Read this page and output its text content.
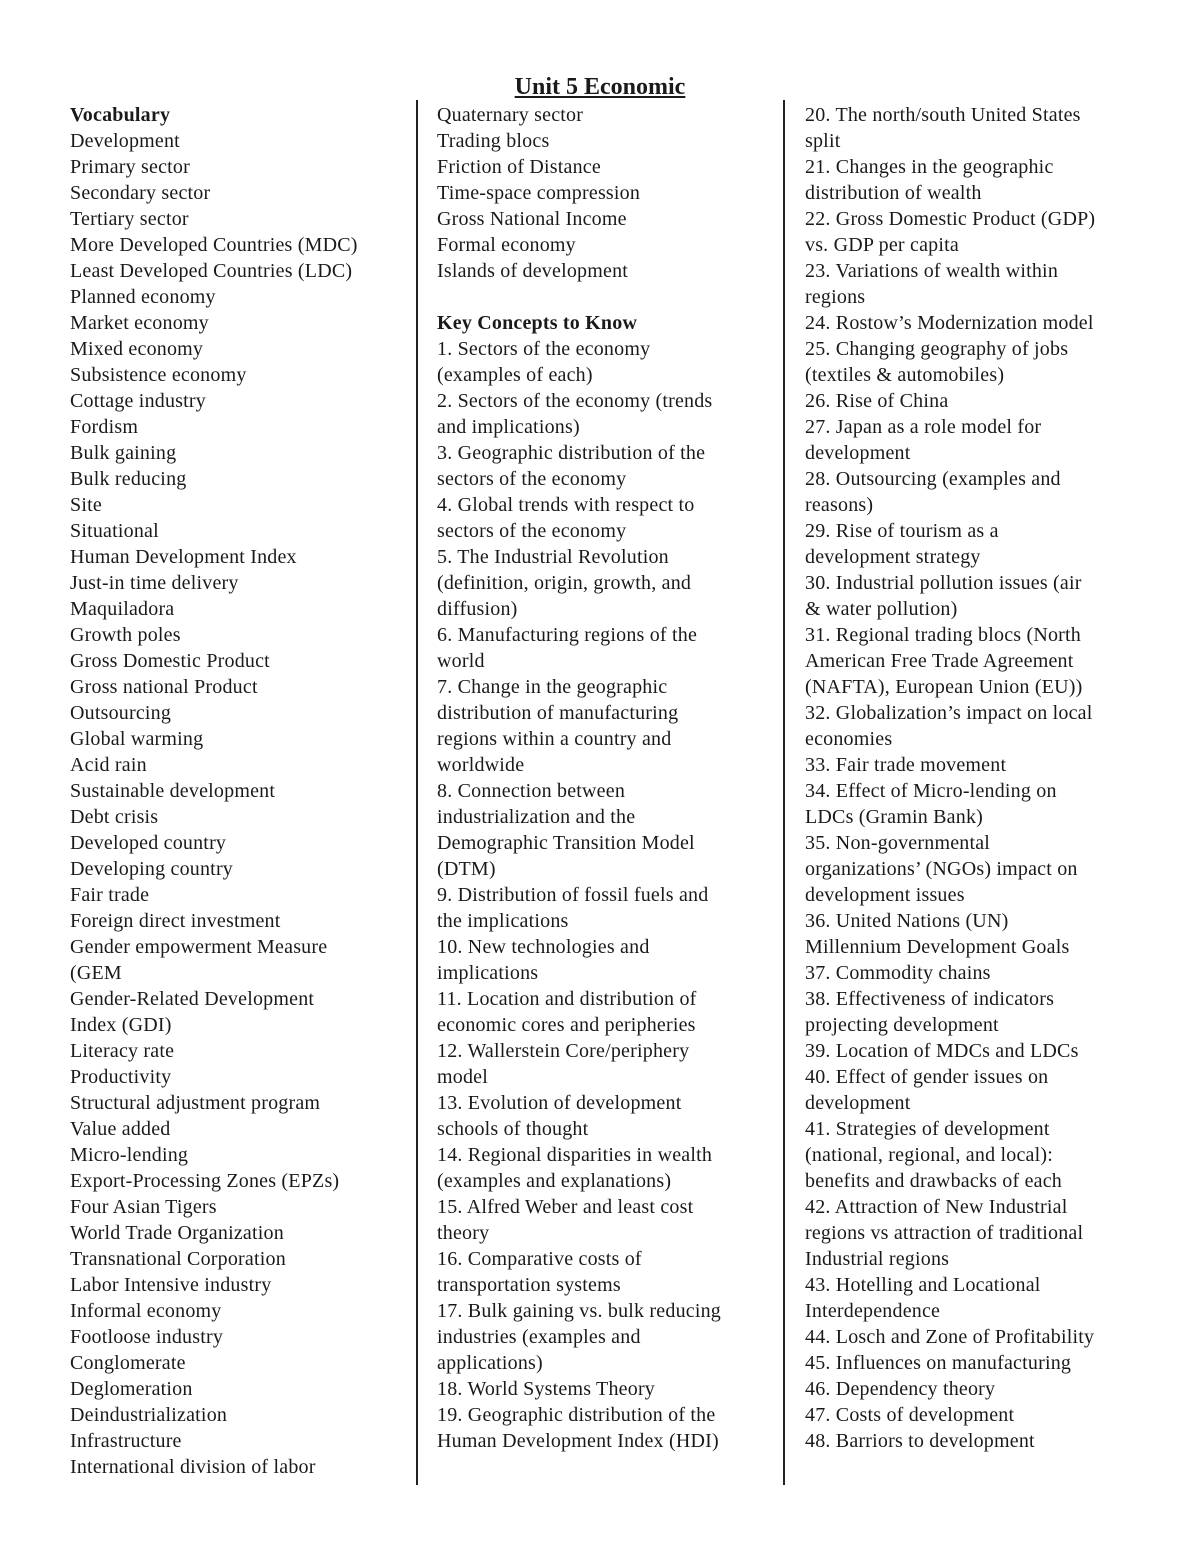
Unit 5 Economic
Vocabulary
Development
Primary sector
Secondary sector
Tertiary sector
More Developed Countries (MDC)
Least Developed Countries (LDC)
Planned economy
Market economy
Mixed economy
Subsistence economy
Cottage industry
Fordism
Bulk gaining
Bulk reducing
Site
Situational
Human Development Index
Just-in time delivery
Maquiladora
Growth poles
Gross Domestic Product
Gross national Product
Outsourcing
Global warming
Acid rain
Sustainable development
Debt crisis
Developed country
Developing country
Fair trade
Foreign direct investment
Gender empowerment Measure
(GEM
Gender-Related Development
Index (GDI)
Literacy rate
Productivity
Structural adjustment program
Value added
Micro-lending
Export-Processing Zones (EPZs)
Four Asian Tigers
World Trade Organization
Transnational Corporation
Labor Intensive industry
Informal economy
Footloose industry
Conglomerate
Deglomeration
Deindustrialization
Infrastructure
International division of labor
Quaternary sector
Trading blocs
Friction of Distance
Time-space compression
Gross National Income
Formal economy
Islands of development
Key Concepts to Know
1. Sectors of the economy
(examples of each)
2. Sectors of the economy (trends
and implications)
3. Geographic distribution of the
sectors of the economy
4. Global trends with respect to
sectors of the economy
5. The Industrial Revolution
(definition, origin, growth, and
diffusion)
6. Manufacturing regions of the
world
7. Change in the geographic
distribution of manufacturing
regions within a country and
worldwide
8. Connection between
industrialization and the
Demographic Transition Model
(DTM)
9. Distribution of fossil fuels and
the implications
10. New technologies and
implications
11. Location and distribution of
economic cores and peripheries
12. Wallerstein Core/periphery
model
13. Evolution of development
schools of thought
14. Regional disparities in wealth
(examples and explanations)
15. Alfred Weber and least cost
theory
16. Comparative costs of
transportation systems
17. Bulk gaining vs. bulk reducing
industries (examples and
applications)
18. World Systems Theory
19. Geographic distribution of the
Human Development Index (HDI)
20. The north/south United States
split
21. Changes in the geographic
distribution of wealth
22. Gross Domestic Product (GDP)
vs. GDP per capita
23. Variations of wealth within
regions
24. Rostow’s Modernization model
25. Changing geography of jobs
(textiles & automobiles)
26. Rise of China
27. Japan as a role model for
development
28. Outsourcing (examples and
reasons)
29. Rise of tourism as a
development strategy
30. Industrial pollution issues (air
& water pollution)
31. Regional trading blocs (North
American Free Trade Agreement
(NAFTA), European Union (EU))
32. Globalization’s impact on local
economies
33. Fair trade movement
34. Effect of Micro-lending on
LDCs (Gramin Bank)
35. Non-governmental
organizations’ (NGOs) impact on
development issues
36. United Nations (UN)
Millennium Development Goals
37. Commodity chains
38. Effectiveness of indicators
projecting development
39. Location of MDCs and LDCs
40. Effect of gender issues on
development
41. Strategies of development
(national, regional, and local):
benefits and drawbacks of each
42. Attraction of New Industrial
regions vs attraction of traditional
Industrial regions
43. Hotelling and Locational
Interdependence
44. Losch and Zone of Profitability
45. Influences on manufacturing
46. Dependency theory
47. Costs of development
48. Barriors to development
